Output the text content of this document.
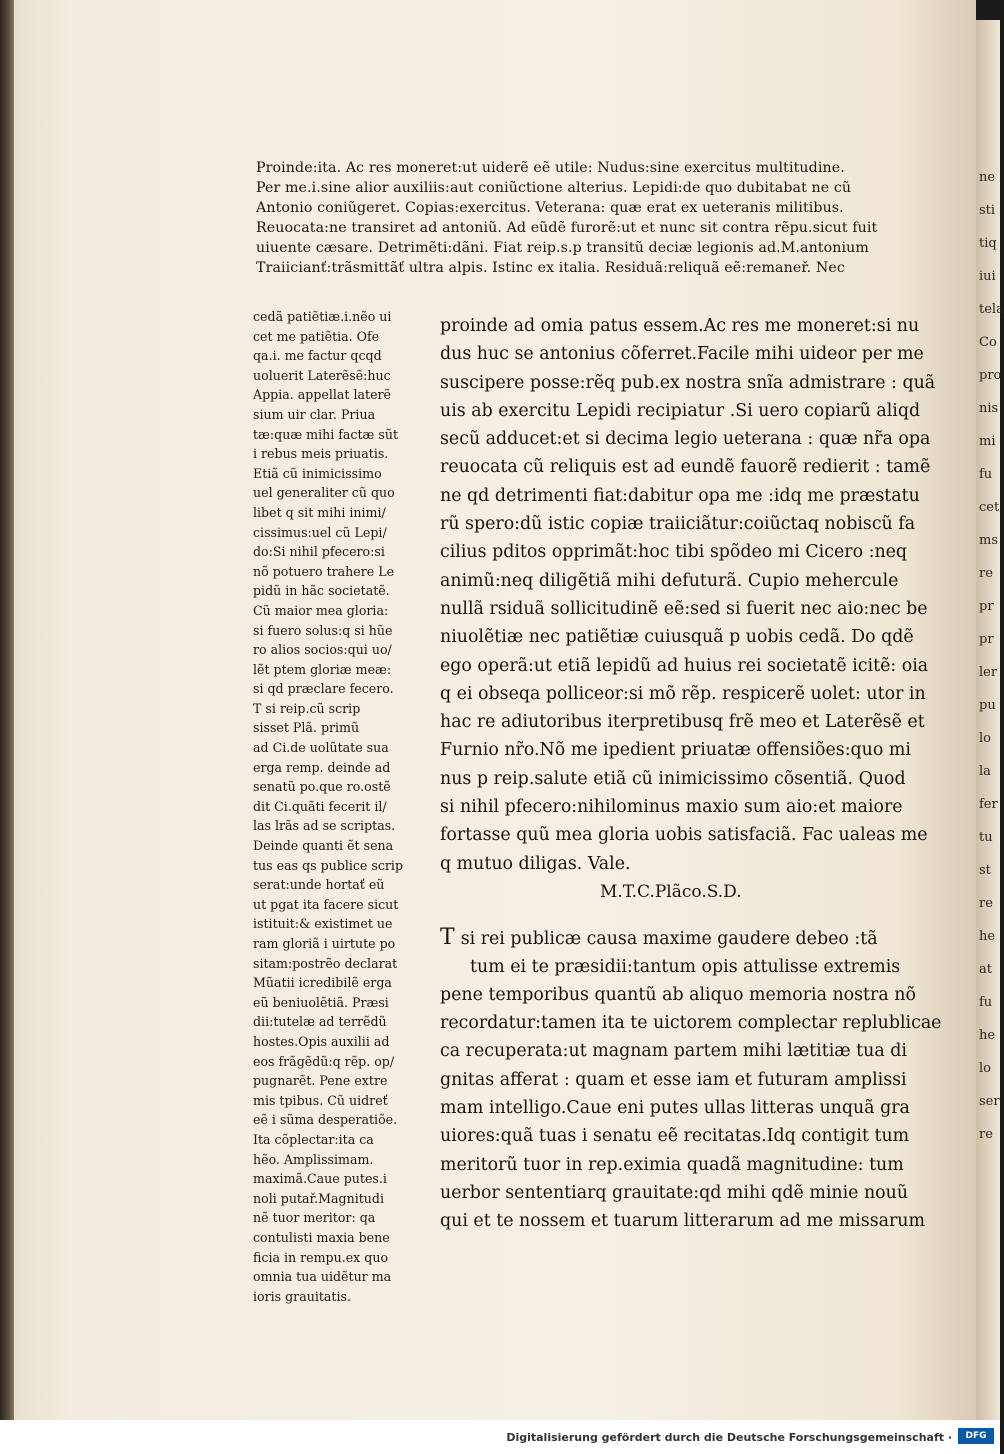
ne
sti
tiq
iui
tela
Co
pro
nis
mi
fu
cet
ms
re
pr
pr
ler
pu
lo
la
fer
tu
st
re
he
at
fu
he
lo
ser
re
Proinde:ita. Ac res moneret:ut uiderẽ eẽ utile: Nudus:sine exercitus multitudine.
Per me.i.sine alior auxiliis:aut coniũctione alterius. Lepidi:de quo dubitabat ne cũ
Antonio coniũgeret. Copias:exercitus. Veterana: quæ erat ex ueteranis militibus.
Reuocata:ne transiret ad antoniũ. Ad eũdẽ furorẽ:ut et nunc sit contra rẽpu.sicut fuit
uiuente cæsare. Detrimẽti:dãni. Fiat reip.s.p transitũ deciæ legionis ad.M.antonium
Traiicianť:trãsmittãť ultra alpis. Istinc ex italia. Residuã:reliquã eẽ:remaneř. Nec
cedã patiẽtiæ.i.nẽo ui
cet me patiẽtia. Ofe
qa.i. me factur qcqd
uoluerit Laterẽsẽ:huc
Appia. appellat laterẽ
sium uir clar. Priua
tæ:quæ mihi factæ sũt
i rebus meis priuatis.
Etiã cũ inimicissimo
uel generaliter cũ quo
libet q sit mihi inimi/
cissimus:uel cũ Lepi/
do:Si nihil pfecero:si
nõ potuero trahere Le
pidũ in hãc societatẽ.
Cũ maior mea gloria:
si fuero solus:q si hũe
ro alios socios:qui uo/
lẽt ptem gloriæ meæ:
si qd præclare fecero.
T si reip.cũ scrip
sisset Plã. primũ
ad Ci.de uolũtate sua
erga remp. deinde ad
senatũ po.que ro.ostẽ
dit Ci.quãti fecerit il/
las lrãs ad se scriptas.
Deinde quanti ẽt sena
tus eas qs publice scrip
serat:unde hortať eũ
ut pgat ita facere sicut
istituit:& existimet ue
ram gloriã i uirtute po
sitam:postrẽo declarat
Mũatii icredibilẽ erga
eũ beniuolẽtiã. Præsi
dii:tutelæ ad terrẽdũ
hostes.Opis auxilii ad
eos frãgẽdũ:q rẽp. op/
pugnarẽt. Pene extre
mis tpibus. Cũ uidreť
eẽ i sũma desperatiõe.
Ita cõplectar:ita ca
hẽo. Amplissimam.
maximã.Caue putes.i
noli putař.Magnitudi
nẽ tuor meritor: qa
contulisti maxia bene
ficia in rempu.ex quo
omnia tua uidẽtur ma
ioris grauitatis.
proinde ad omia patus essem.Ac res me moneret:si nu
dus huc se antonius cõferret.Facile mihi uideor per me
suscipere posse:rẽq pub.ex nostra snĩa admistrare : quã
uis ab exercitu Lepidi recipiatur .Si uero copiarũ aliqd
secũ adducet:et si decima legio ueterana : quæ nr̃a opa
reuocata cũ reliquis est ad eundẽ fauorẽ redierit : tamẽ
ne qd detrimenti fiat:dabitur opa me :idq me præstatu
rũ spero:dũ istic copiæ traiiciãtur:coiũctaq nobiscũ fa
cilius pditos opprimãt:hoc tibi spõdeo mi Cicero :neq
animũ:neq diligẽtiã mihi defuturã. Cupio mehercule
nullã rsiduã sollicitudinẽ eẽ:sed si fuerit nec aio:nec be
niuolẽtiæ nec patiẽtiæ cuiusquã p uobis cedã. Do qdẽ
ego operã:ut etiã lepidũ ad huius rei societatẽ icitẽ: oia
q ei obseqa polliceor:si mõ rẽp. respicerẽ uolet: utor in
hac re adiutoribus iterpretibusq frẽ meo et Laterẽsẽ et
Furnio nr̃o.Nõ me ipedient priuatæ offensiões:quo mi
nus p reip.salute etiã cũ inimicissimo cõsentiã. Quod
si nihil pfecero:nihilominus maxio sum aio:et maiore
fortasse quũ mea gloria uobis satisfaciã. Fac ualeas me
q mutuo diligas. Vale.
M.T.C.Plãco.S.D.
T si rei publicæ causa maxime gaudere debeo :tã
tum ei te præsidii:tantum opis attulisse extremis
pene temporibus quantũ ab aliquo memoria nostra nõ
recordatur:tamen ita te uictorem complectar replublicae
ca recuperata:ut magnam partem mihi lætitiæ tua di
gnitas afferat : quam et esse iam et futuram amplissi
mam intelligo.Caue eni putes ullas litteras unquã gra
uiores:quã tuas i senatu eẽ recitatas.Idq contigit tum
meritorũ tuor in rep.eximia quadã magnitudine: tum
uerbor sententiarq grauitate:qd mihi qdẽ minie nouũ
qui et te nossem et tuarum litterarum ad me missarum
Digitalisierung gefördert durch die Deutsche Forschungsgemeinschaft ·	DFG
